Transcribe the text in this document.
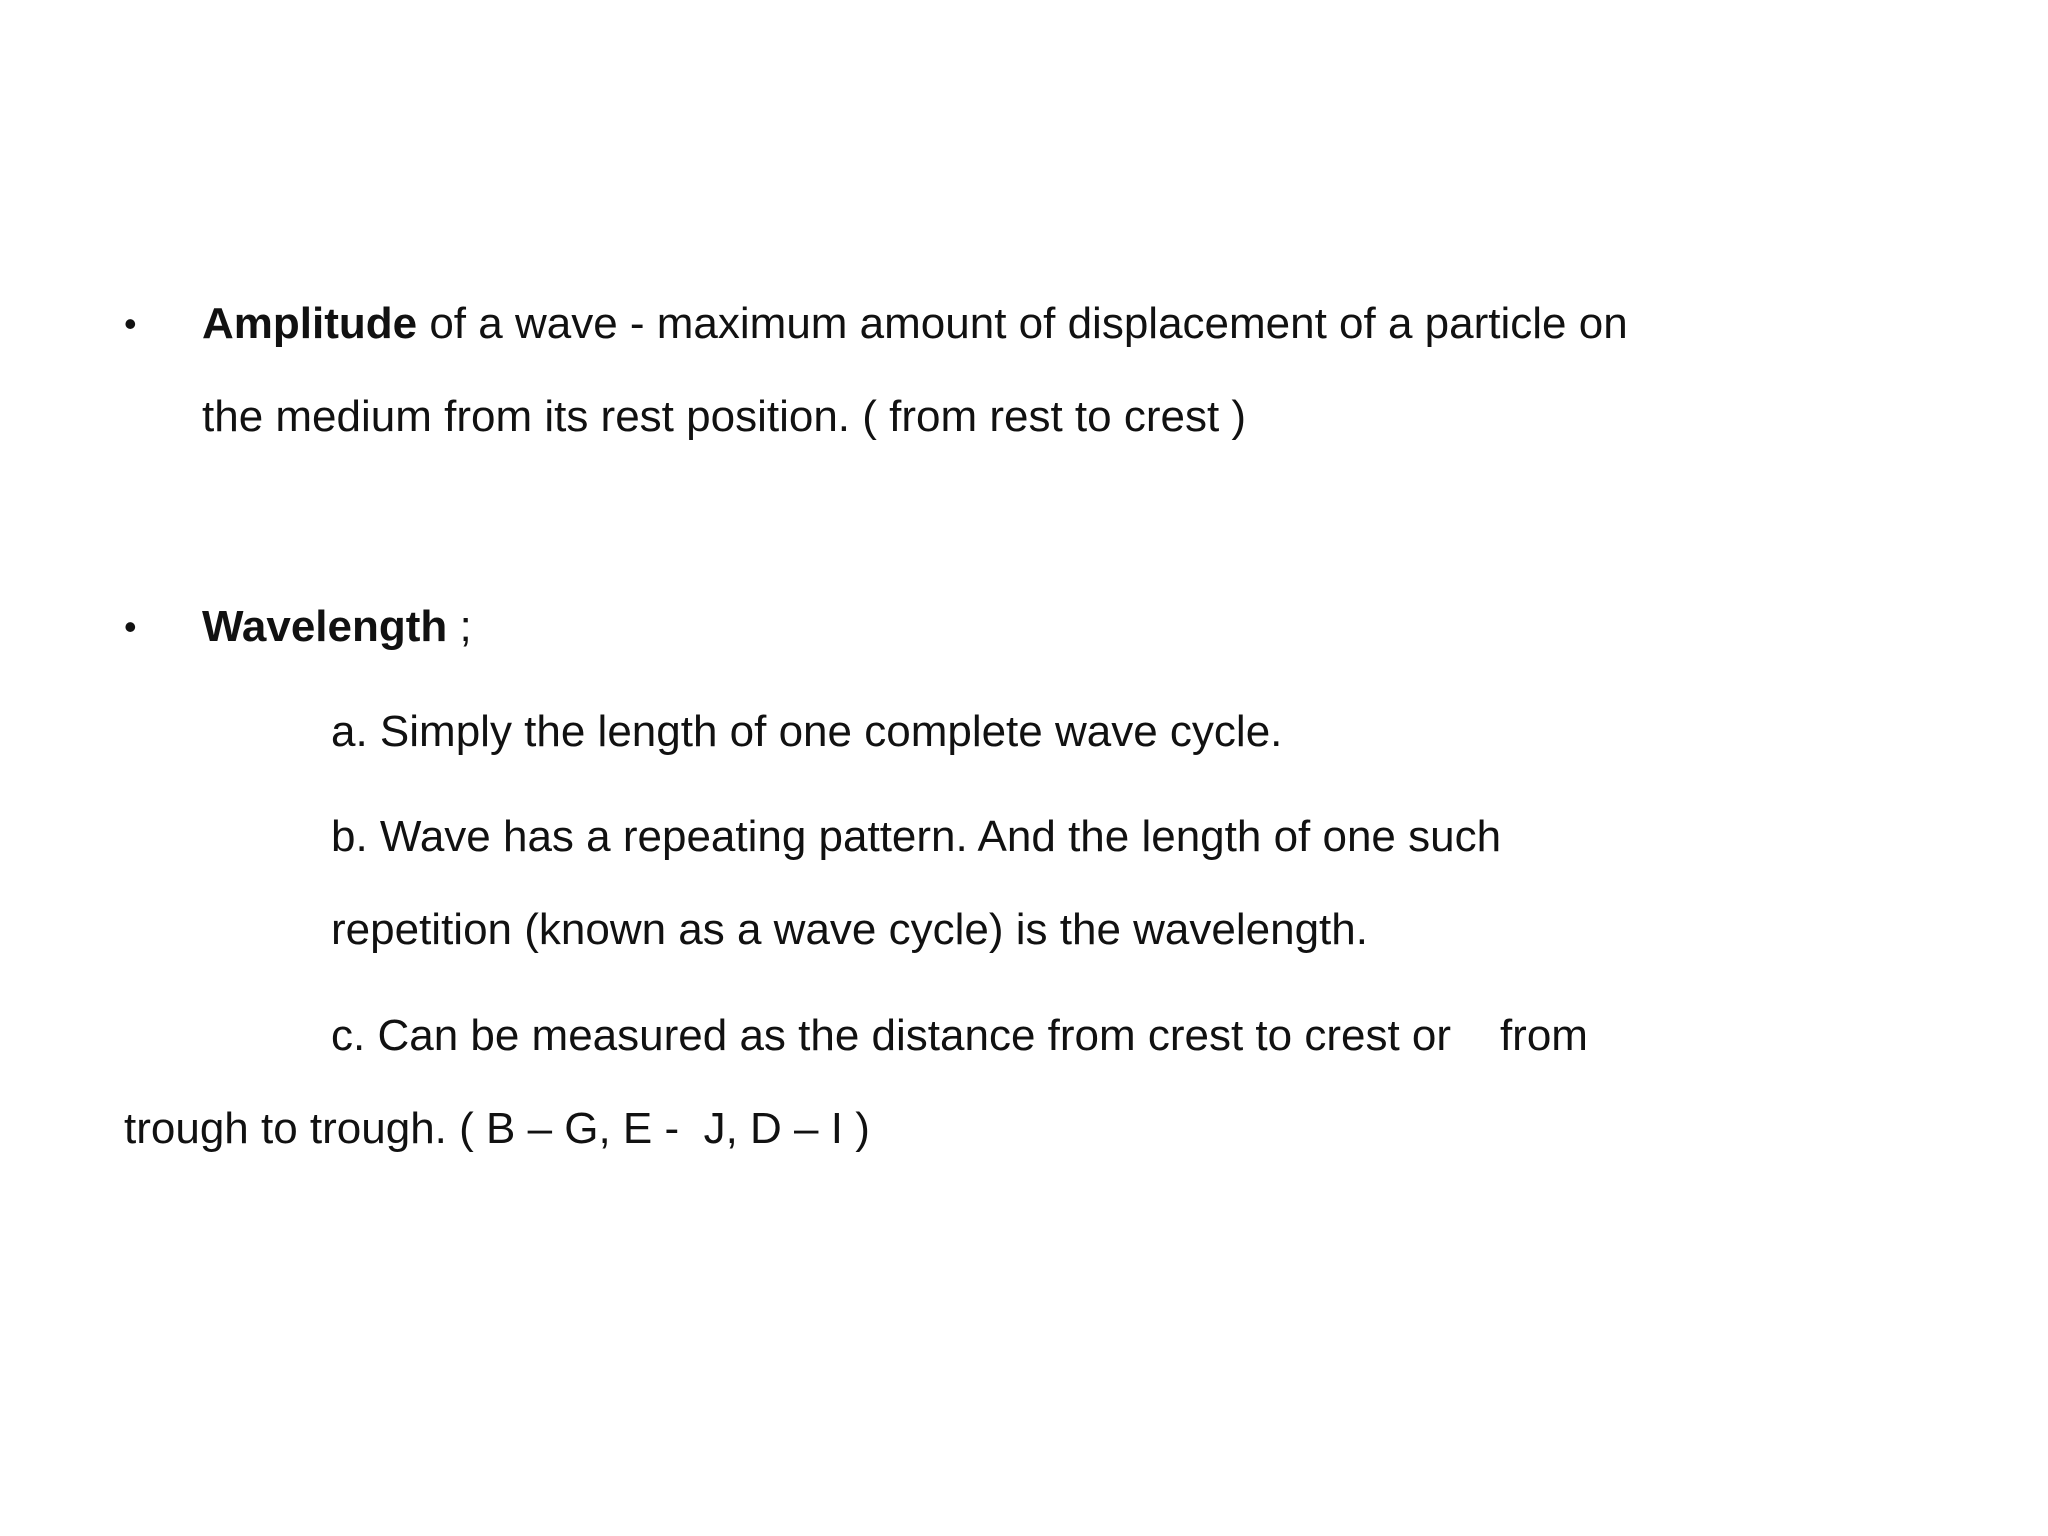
• Amplitude of a wave - maximum amount of displacement of a particle on
the medium from its rest position. ( from rest to crest )
• Wavelength ;
a. Simply the length of one complete wave cycle.
b. Wave has a repeating pattern. And the length of one such
repetition (known as a wave cycle) is the wavelength.
c. Can be measured as the distance from crest to crest or    from
trough to trough. ( B – G, E -  J, D – I )
